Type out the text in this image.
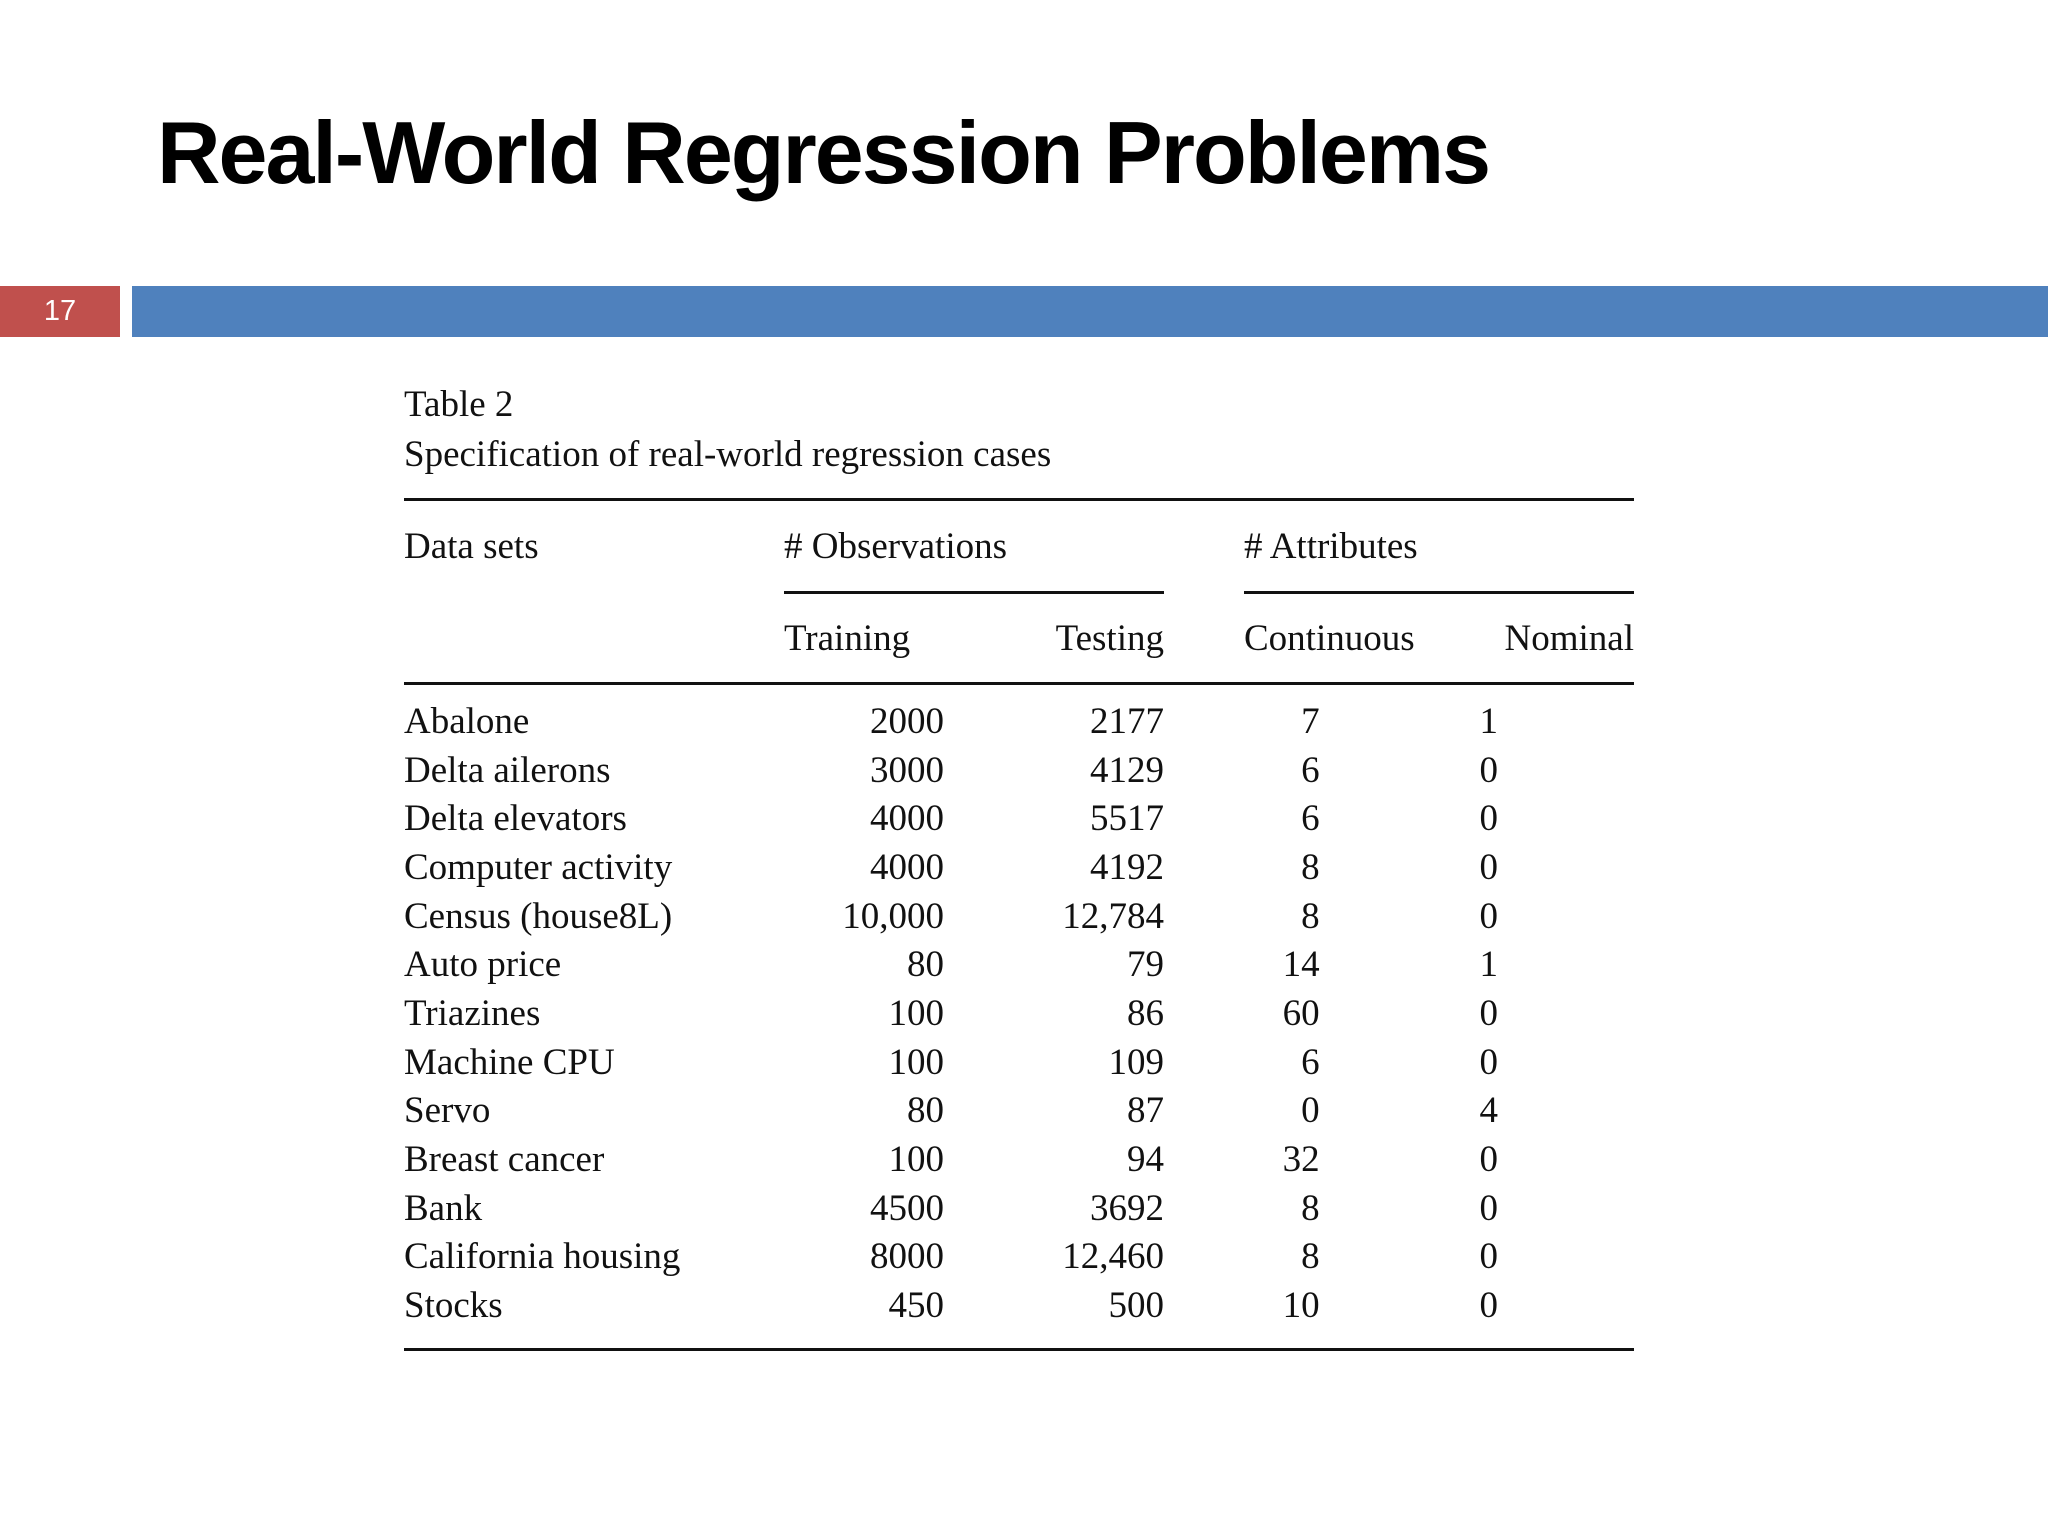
Real-World Regression Problems
17
Table 2
Specification of real-world regression cases
Data sets	# Observations				# Attributes	
	Training		Testing		Continuous	Nominal
Abalone	2000		2177		7	1
Delta ailerons	3000		4129		6	0
Delta elevators	4000		5517		6	0
Computer activity	4000		4192		8	0
Census (house8L)	10,000		12,784		8	0
Auto price	80		79		14	1
Triazines	100		86		60	0
Machine CPU	100		109		6	0
Servo	80		87		0	4
Breast cancer	100		94		32	0
Bank	4500		3692		8	0
California housing	8000		12,460		8	0
Stocks	450		500		10	0
